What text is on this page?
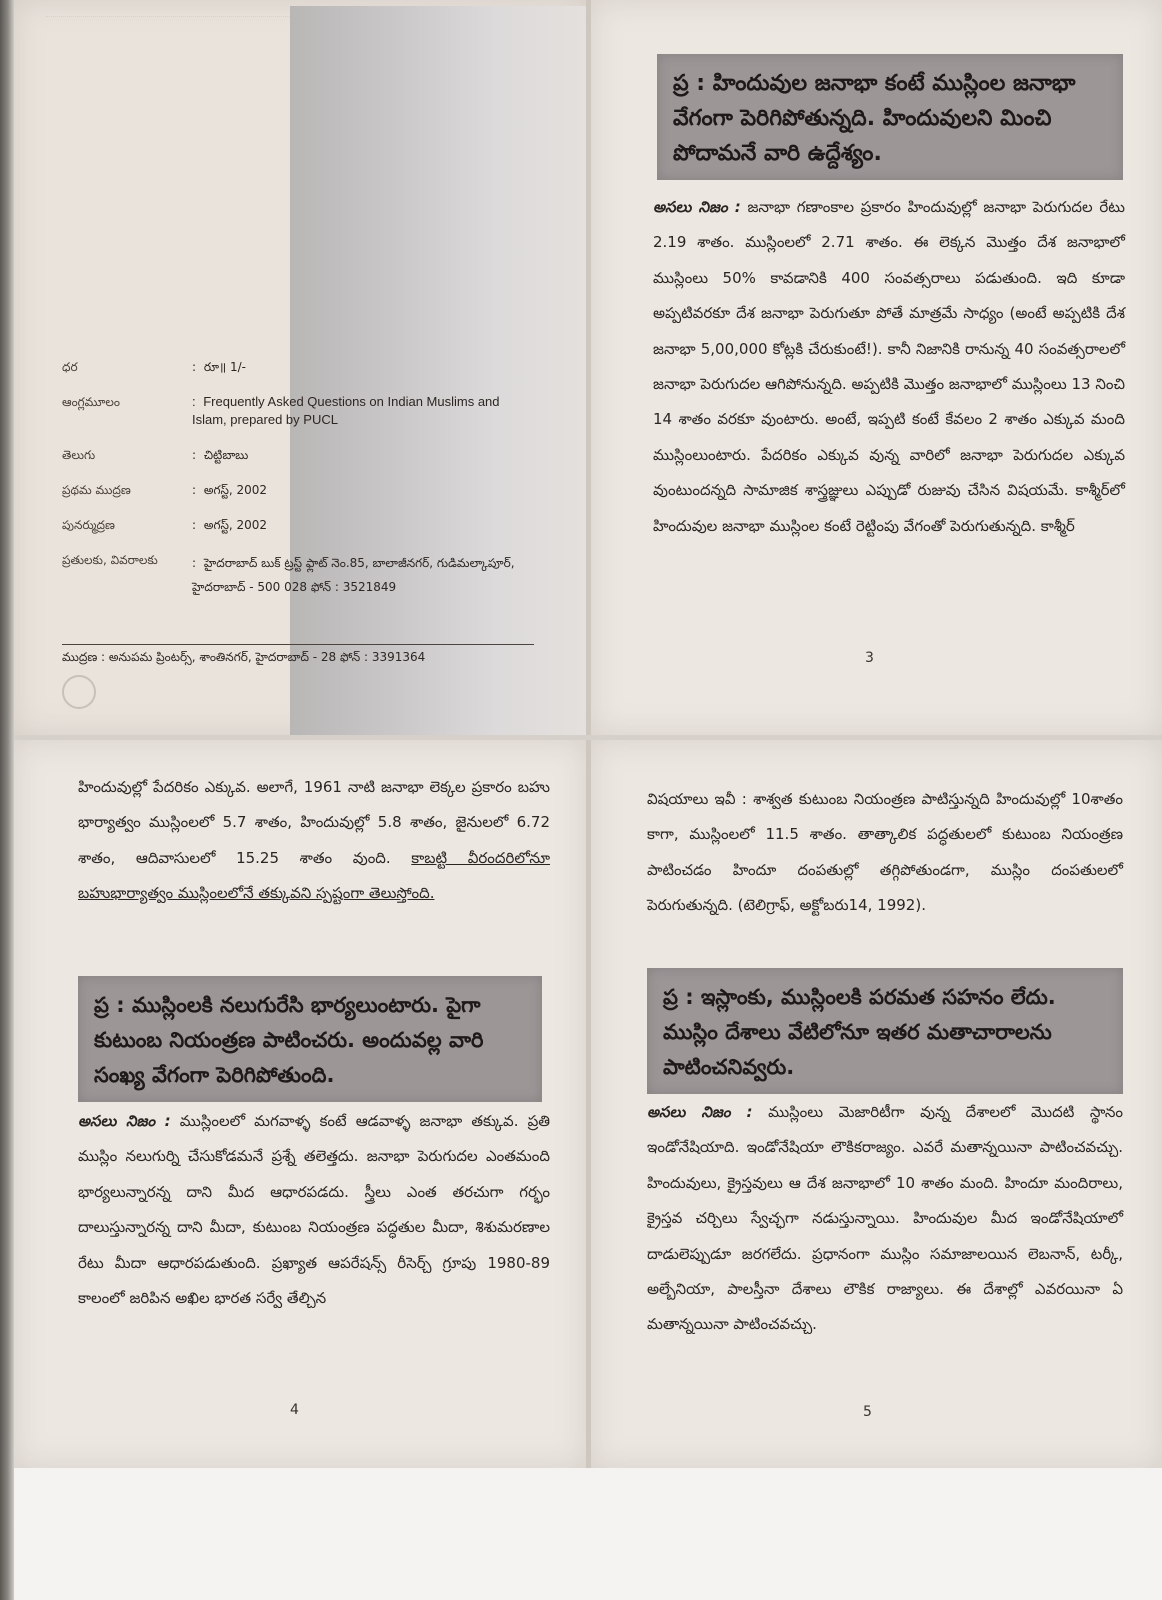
ధర	: రూ॥ 1/-
ఆంగ్లమూలం	: Frequently Asked Questions on Indian Muslims and Islam, prepared by PUCL
తెలుగు	: చిట్టిబాబు
ప్రథమ ముద్రణ	: అగస్ట్, 2002
పునర్ముద్రణ	: అగస్ట్, 2002
ప్రతులకు, వివరాలకు	: హైదరాబాద్ బుక్ ట్రస్ట్ ఫ్లాట్ నెం.85, బాలాజీనగర్, గుడిమల్కాపూర్, హైదరాబాద్ - 500 028 ఫోన్ : 3521849
ముద్రణ : అనుపమ ప్రింటర్స్, శాంతినగర్, హైదరాబాద్ - 28 ఫోన్ : 3391364
ప్ర : హిందువుల జనాభా కంటే ముస్లింల జనాభా వేగంగా పెరిగిపోతున్నది. హిందువులని మించి పోదామనే వారి ఉద్దేశ్యం.
అసలు నిజం : జనాభా గణాంకాల ప్రకారం హిందువుల్లో జనాభా పెరుగుదల రేటు 2.19 శాతం. ముస్లింలలో 2.71 శాతం. ఈ లెక్కన మొత్తం దేశ జనాభాలో ముస్లింలు 50% కావడానికి 400 సంవత్సరాలు పడుతుంది. ఇది కూడా అప్పటివరకూ దేశ జనాభా పెరుగుతూ పోతే మాత్రమే సాధ్యం (అంటే అప్పటికి దేశ జనాభా 5,00,000 కోట్లకి చేరుకుంటే!). కానీ నిజానికి రానున్న 40 సంవత్సరాలలో జనాభా పెరుగుదల ఆగిపోనున్నది. అప్పటికి మొత్తం జనాభాలో ముస్లింలు 13 నించి 14 శాతం వరకూ వుంటారు. అంటే, ఇప్పటి కంటే కేవలం 2 శాతం ఎక్కువ మంది ముస్లింలుంటారు. పేదరికం ఎక్కువ వున్న వారిలో జనాభా పెరుగుదల ఎక్కువ వుంటుందన్నది సామాజిక శాస్త్రజ్ఞులు ఎప్పుడో రుజువు చేసిన విషయమే. కాశ్మీర్‌లో హిందువుల జనాభా ముస్లింల కంటే రెట్టింపు వేగంతో పెరుగుతున్నది. కాశ్మీర్
3
హిందువుల్లో పేదరికం ఎక్కువ. అలాగే, 1961 నాటి జనాభా లెక్కల ప్రకారం బహు భార్యాత్వం ముస్లింలలో 5.7 శాతం, హిందువుల్లో 5.8 శాతం, జైనులలో 6.72 శాతం, ఆదివాసులలో 15.25 శాతం వుంది. కాబట్టి వీరందరిలోనూ బహుభార్యాత్వం ముస్లింలలోనే తక్కువని స్పష్టంగా తెలుస్తోంది.
ప్ర : ముస్లింలకి నలుగురేసి భార్యలుంటారు. పైగా కుటుంబ నియంత్రణ పాటించరు. అందువల్ల వారి సంఖ్య వేగంగా పెరిగిపోతుంది.
అసలు నిజం : ముస్లింలలో మగవాళ్ళ కంటే ఆడవాళ్ళ జనాభా తక్కువ. ప్రతి ముస్లిం నలుగుర్ని చేసుకోడమనే ప్రశ్నే తలెత్తదు. జనాభా పెరుగుదల ఎంతమంది భార్యలున్నారన్న దాని మీద ఆధారపడదు. స్త్రీలు ఎంత తరచుగా గర్భం దాలుస్తున్నారన్న దాని మీదా, కుటుంబ నియంత్రణ పద్ధతుల మీదా, శిశుమరణాల రేటు మీదా ఆధారపడుతుంది. ప్రఖ్యాత ఆపరేషన్స్ రీసెర్చ్ గ్రూపు 1980-89 కాలంలో జరిపిన అఖిల భారత సర్వే తేల్చిన
4
విషయాలు ఇవీ : శాశ్వత కుటుంబ నియంత్రణ పాటిస్తున్నది హిందువుల్లో 10శాతం కాగా, ముస్లింలలో 11.5 శాతం. తాత్కాలిక పద్ధతులలో కుటుంబ నియంత్రణ పాటించడం హిందూ దంపతుల్లో తగ్గిపోతుండగా, ముస్లిం దంపతులలో పెరుగుతున్నది. (టెలిగ్రాఫ్, అక్టోబరు14, 1992).
ప్ర : ఇస్లాంకు, ముస్లింలకి పరమత సహనం లేదు. ముస్లిం దేశాలు వేటిలోనూ ఇతర మతాచారాలను పాటించనివ్వరు.
అసలు నిజం : ముస్లింలు మెజారిటీగా వున్న దేశాలలో మొదటి స్థానం ఇండోనేషియాది. ఇండోనేషియా లౌకికరాజ్యం. ఎవరే మతాన్నయినా పాటించవచ్చు. హిందువులు, క్రైస్తవులు ఆ దేశ జనాభాలో 10 శాతం మంది. హిందూ మందిరాలు, క్రైస్తవ చర్చిలు స్వేచ్ఛగా నడుస్తున్నాయి. హిందువుల మీద ఇండోనేషియాలో దాడులెప్పుడూ జరగలేదు. ప్రధానంగా ముస్లిం సమాజాలయిన లెబనాన్, టర్కీ, అల్బేనియా, పాలస్తీనా దేశాలు లౌకిక రాజ్యాలు. ఈ దేశాల్లో ఎవరయినా ఏ మతాన్నయినా పాటించవచ్చు.
5
